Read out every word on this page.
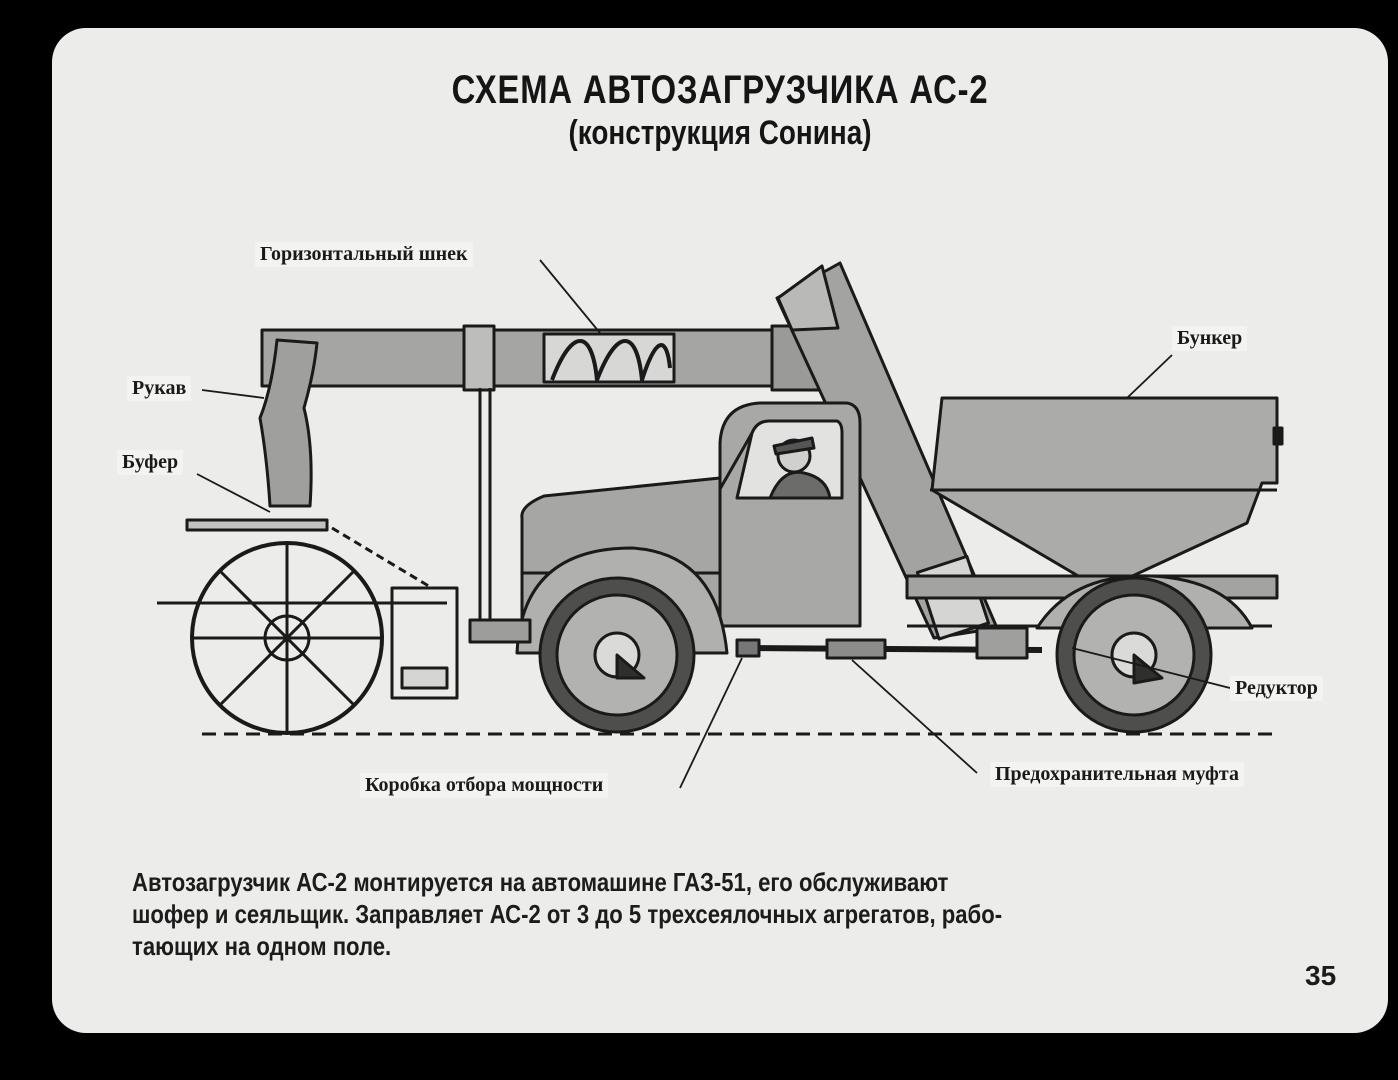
СХЕМА АВТОЗАГРУЗЧИКА АС-2
(конструкция Сонина)
Горизонтальный шнек
Рукав
Буфер
Бункер
Редуктор
Коробка отбора мощности	Предохранительная муфта
Автозагрузчик АС-2 монтируется на автомашине ГАЗ-51, его обслуживают
шофер и сеяльщик. Заправляет АС-2 от 3 до 5 трехсеялочных агрегатов, рабо-
тающих на одном поле.
35
